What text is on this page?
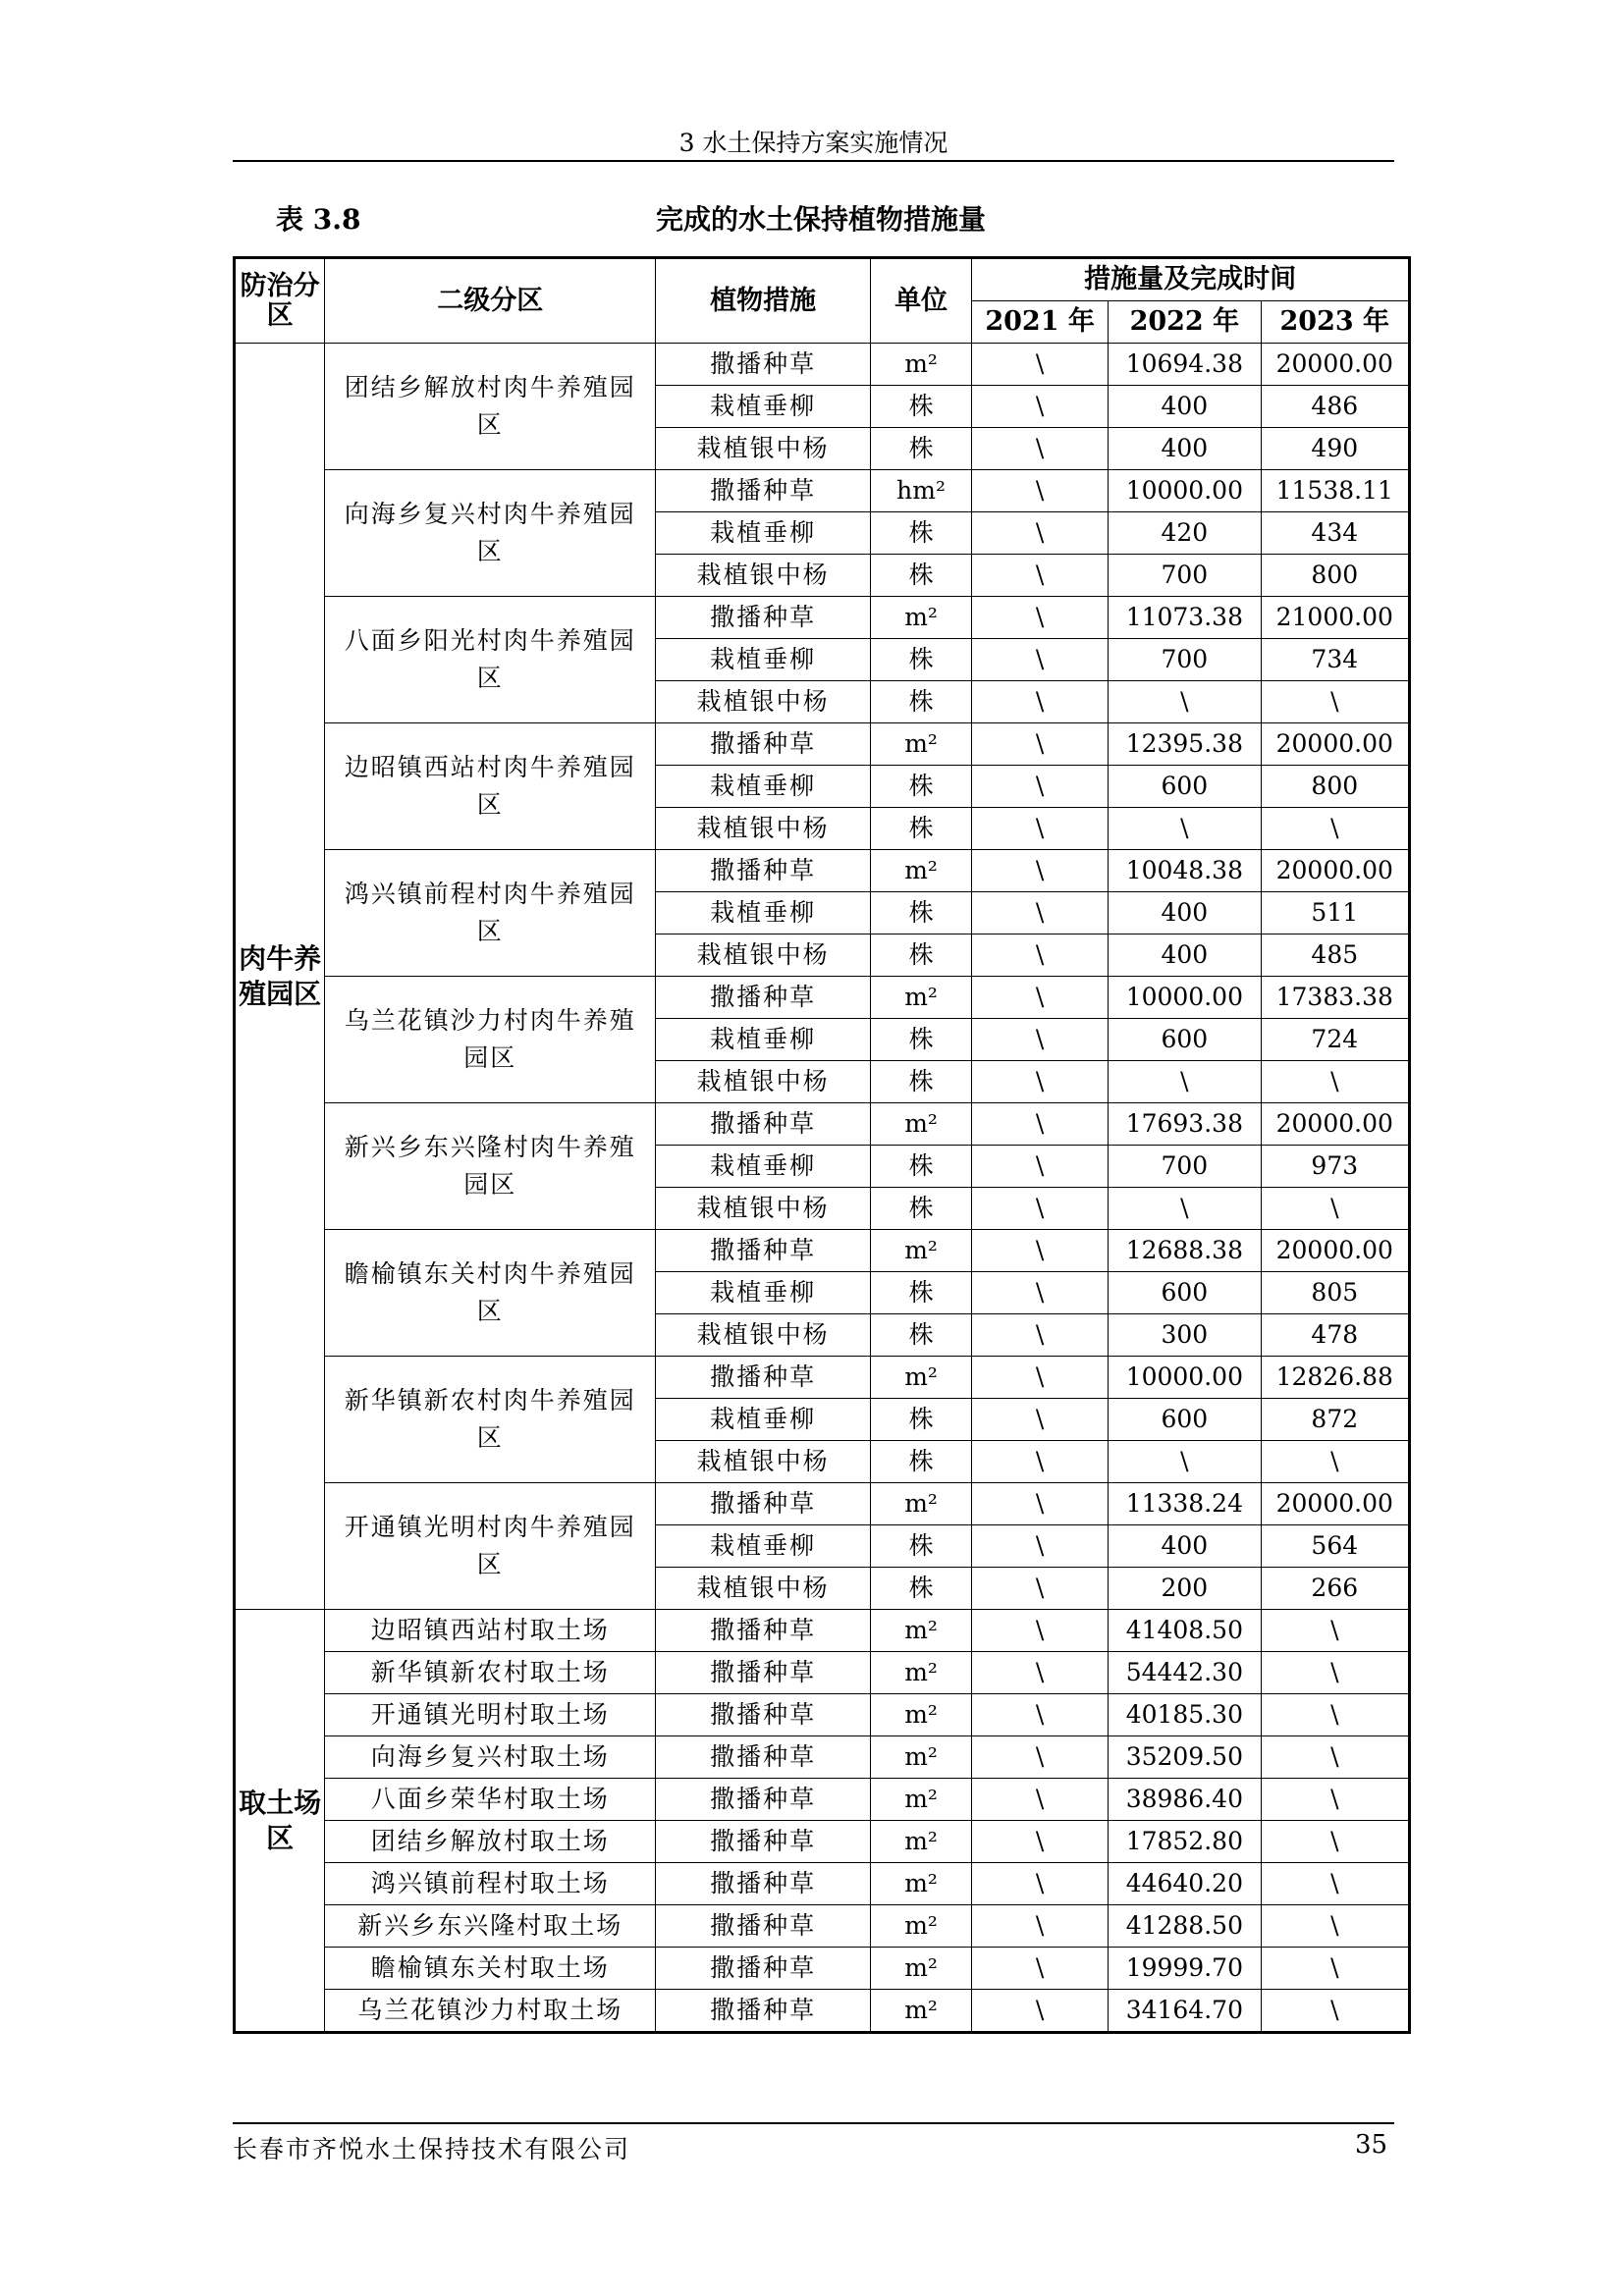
3 水土保持方案实施情况
表 3.8	完成的水土保持植物措施量
防治分区	二级分区	植物措施	单位	措施量及完成时间		
				2021 年	2022 年	2023 年
肉牛养殖园区	团结乡解放村肉牛养殖园区	撒播种草	m²	\	10694.38	20000.00
		栽植垂柳	株	\	400	486
		栽植银中杨	株	\	400	490
	向海乡复兴村肉牛养殖园区	撒播种草	hm²	\	10000.00	11538.11
		栽植垂柳	株	\	420	434
		栽植银中杨	株	\	700	800
	八面乡阳光村肉牛养殖园区	撒播种草	m²	\	11073.38	21000.00
		栽植垂柳	株	\	700	734
		栽植银中杨	株	\	\	\
	边昭镇西站村肉牛养殖园区	撒播种草	m²	\	12395.38	20000.00
		栽植垂柳	株	\	600	800
		栽植银中杨	株	\	\	\
	鸿兴镇前程村肉牛养殖园区	撒播种草	m²	\	10048.38	20000.00
		栽植垂柳	株	\	400	511
		栽植银中杨	株	\	400	485
	乌兰花镇沙力村肉牛养殖园区	撒播种草	m²	\	10000.00	17383.38
		栽植垂柳	株	\	600	724
		栽植银中杨	株	\	\	\
	新兴乡东兴隆村肉牛养殖园区	撒播种草	m²	\	17693.38	20000.00
		栽植垂柳	株	\	700	973
		栽植银中杨	株	\	\	\
	瞻榆镇东关村肉牛养殖园区	撒播种草	m²	\	12688.38	20000.00
		栽植垂柳	株	\	600	805
		栽植银中杨	株	\	300	478
	新华镇新农村肉牛养殖园区	撒播种草	m²	\	10000.00	12826.88
		栽植垂柳	株	\	600	872
		栽植银中杨	株	\	\	\
	开通镇光明村肉牛养殖园区	撒播种草	m²	\	11338.24	20000.00
		栽植垂柳	株	\	400	564
		栽植银中杨	株	\	200	266
取土场区	边昭镇西站村取土场	撒播种草	m²	\	41408.50	\
	新华镇新农村取土场	撒播种草	m²	\	54442.30	\
	开通镇光明村取土场	撒播种草	m²	\	40185.30	\
	向海乡复兴村取土场	撒播种草	m²	\	35209.50	\
	八面乡荣华村取土场	撒播种草	m²	\	38986.40	\
	团结乡解放村取土场	撒播种草	m²	\	17852.80	\
	鸿兴镇前程村取土场	撒播种草	m²	\	44640.20	\
	新兴乡东兴隆村取土场	撒播种草	m²	\	41288.50	\
	瞻榆镇东关村取土场	撒播种草	m²	\	19999.70	\
	乌兰花镇沙力村取土场	撒播种草	m²	\	34164.70	\
长春市齐悦水土保持技术有限公司	35
